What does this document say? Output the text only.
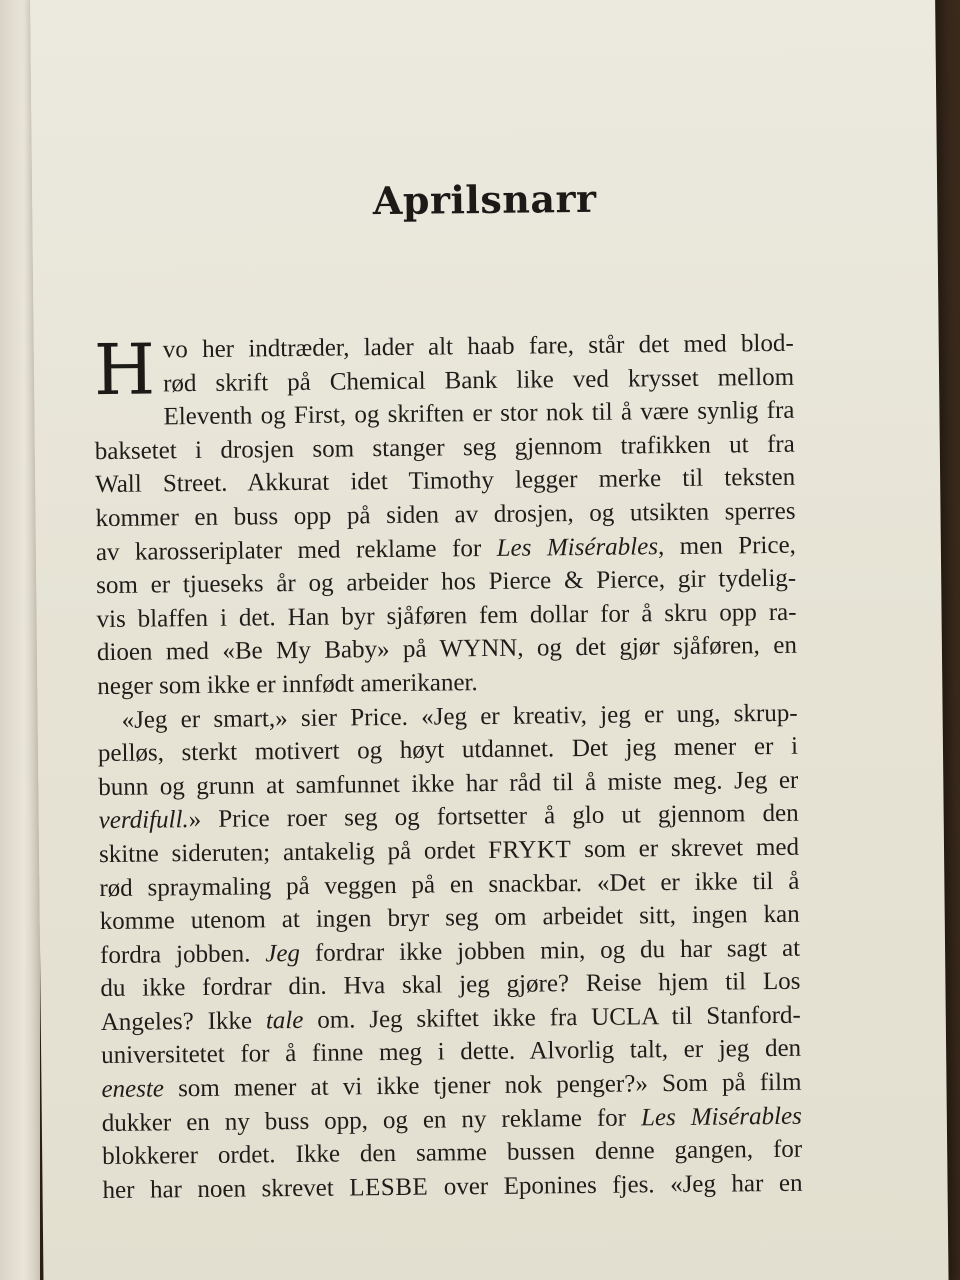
Aprilsnarr
H vo her indtræder, lader alt haab fare, står det med blod-
rød skrift på Chemical Bank like ved krysset mellom
Eleventh og First, og skriften er stor nok til å være synlig fra
baksetet i drosjen som stanger seg gjennom trafikken ut fra
Wall Street. Akkurat idet Timothy legger merke til teksten
kommer en buss opp på siden av drosjen, og utsikten sperres
av karosseriplater med reklame for Les Misérables, men Price,
som er tjueseks år og arbeider hos Pierce & Pierce, gir tydelig-
vis blaffen i det. Han byr sjåføren fem dollar for å skru opp ra-
dioen med «Be My Baby» på WYNN, og det gjør sjåføren, en
neger som ikke er innfødt amerikaner.
«Jeg er smart,» sier Price. «Jeg er kreativ, jeg er ung, skrup-
pelløs, sterkt motivert og høyt utdannet. Det jeg mener er i
bunn og grunn at samfunnet ikke har råd til å miste meg. Jeg er
verdifull.» Price roer seg og fortsetter å glo ut gjennom den
skitne sideruten; antakelig på ordet FRYKT som er skrevet med
rød spraymaling på veggen på en snackbar. «Det er ikke til å
komme utenom at ingen bryr seg om arbeidet sitt, ingen kan
fordra jobben. Jeg fordrar ikke jobben min, og du har sagt at
du ikke fordrar din. Hva skal jeg gjøre? Reise hjem til Los
Angeles? Ikke tale om. Jeg skiftet ikke fra UCLA til Stanford-
universitetet for å finne meg i dette. Alvorlig talt, er jeg den
eneste som mener at vi ikke tjener nok penger?» Som på film
dukker en ny buss opp, og en ny reklame for Les Misérables
blokkerer ordet. Ikke den samme bussen denne gangen, for
her har noen skrevet LESBE over Eponines fjes. «Jeg har en
